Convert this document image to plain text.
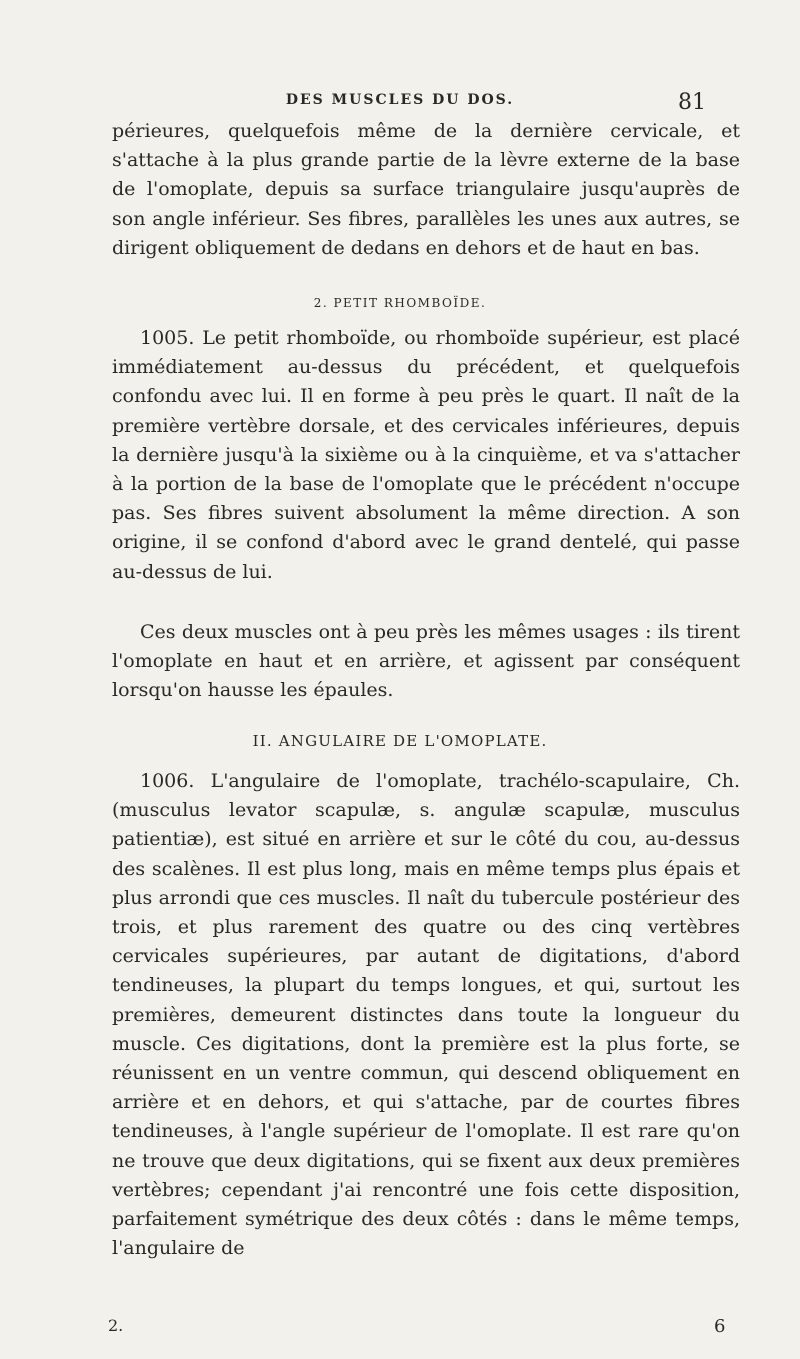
DES MUSCLES DU DOS.	81

périeures, quelquefois même de la dernière cervicale, et s'attache à la plus grande partie de la lèvre externe de la base de l'omoplate, depuis sa surface triangulaire jusqu'auprès de son angle inférieur. Ses fibres, parallèles les unes aux autres, se dirigent obliquement de dedans en dehors et de haut en bas.

2. PETIT RHOMBOÏDE.

1005. Le petit rhomboïde, ou rhomboïde supérieur, est placé immédiatement au-dessus du précédent, et quelquefois confondu avec lui. Il en forme à peu près le quart. Il naît de la première vertèbre dorsale, et des cervicales inférieures, depuis la dernière jusqu'à la sixième ou à la cinquième, et va s'attacher à la portion de la base de l'omoplate que le précédent n'occupe pas. Ses fibres suivent absolument la même direction. A son origine, il se confond d'abord avec le grand dentelé, qui passe au-dessus de lui.

Ces deux muscles ont à peu près les mêmes usages : ils tirent l'omoplate en haut et en arrière, et agissent par conséquent lorsqu'on hausse les épaules.

II. ANGULAIRE DE L'OMOPLATE.

1006. L'angulaire de l'omoplate, trachélo-scapulaire, Ch. (musculus levator scapulæ, s. angulæ scapulæ, musculus patientiæ), est situé en arrière et sur le côté du cou, au-dessus des scalènes. Il est plus long, mais en même temps plus épais et plus arrondi que ces muscles. Il naît du tubercule postérieur des trois, et plus rarement des quatre ou des cinq vertèbres cervicales supérieures, par autant de digitations, d'abord tendineuses, la plupart du temps longues, et qui, surtout les premières, demeurent distinctes dans toute la longueur du muscle. Ces digitations, dont la première est la plus forte, se réunissent en un ventre commun, qui descend obliquement en arrière et en dehors, et qui s'attache, par de courtes fibres tendineuses, à l'angle supérieur de l'omoplate. Il est rare qu'on ne trouve que deux digitations, qui se fixent aux deux premières vertèbres; cependant j'ai rencontré une fois cette disposition, parfaitement symétrique des deux côtés : dans le même temps, l'angulaire de

2.	6
